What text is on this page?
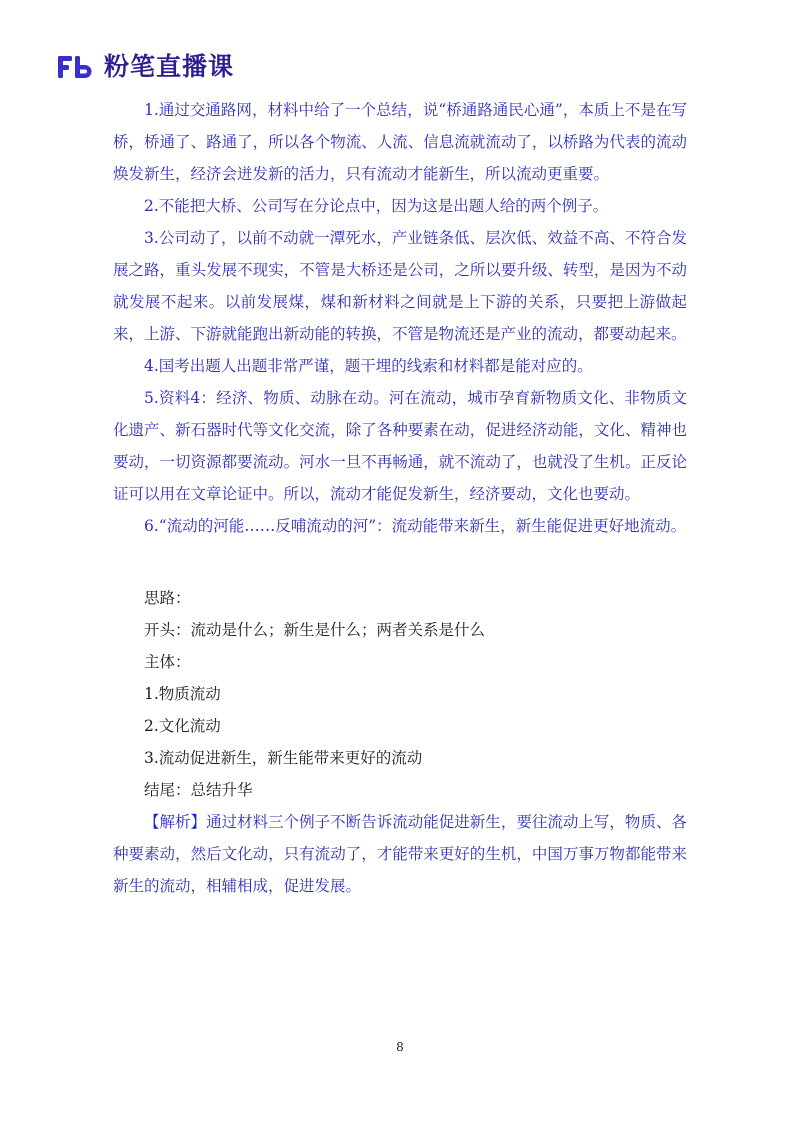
粉笔直播课

1.通过交通路网，材料中给了一个总结，说“桥通路通民心通”，本质上不是在写桥，桥通了、路通了，所以各个物流、人流、信息流就流动了，以桥路为代表的流动焕发新生，经济会迸发新的活力，只有流动才能新生，所以流动更重要。

2.不能把大桥、公司写在分论点中，因为这是出题人给的两个例子。

3.公司动了，以前不动就一潭死水，产业链条低、层次低、效益不高、不符合发展之路，重头发展不现实，不管是大桥还是公司，之所以要升级、转型，是因为不动就发展不起来。以前发展煤，煤和新材料之间就是上下游的关系，只要把上游做起来，上游、下游就能跑出新动能的转换，不管是物流还是产业的流动，都要动起来。

4.国考出题人出题非常严谨，题干埋的线索和材料都是能对应的。

5.资料4：经济、物质、动脉在动。河在流动，城市孕育新物质文化、非物质文化遗产、新石器时代等文化交流，除了各种要素在动，促进经济动能，文化、精神也要动，一切资源都要流动。河水一旦不再畅通，就不流动了，也就没了生机。正反论证可以用在文章论证中。所以，流动才能促发新生，经济要动，文化也要动。

6.“流动的河能……反哺流动的河”：流动能带来新生，新生能促进更好地流动。

思路：

开头：流动是什么；新生是什么；两者关系是什么

主体：

1.物质流动

2.文化流动

3.流动促进新生，新生能带来更好的流动

结尾：总结升华

【解析】通过材料三个例子不断告诉流动能促进新生，要往流动上写，物质、各种要素动，然后文化动，只有流动了，才能带来更好的生机，中国万事万物都能带来新生的流动，相辅相成，促进发展。

8
